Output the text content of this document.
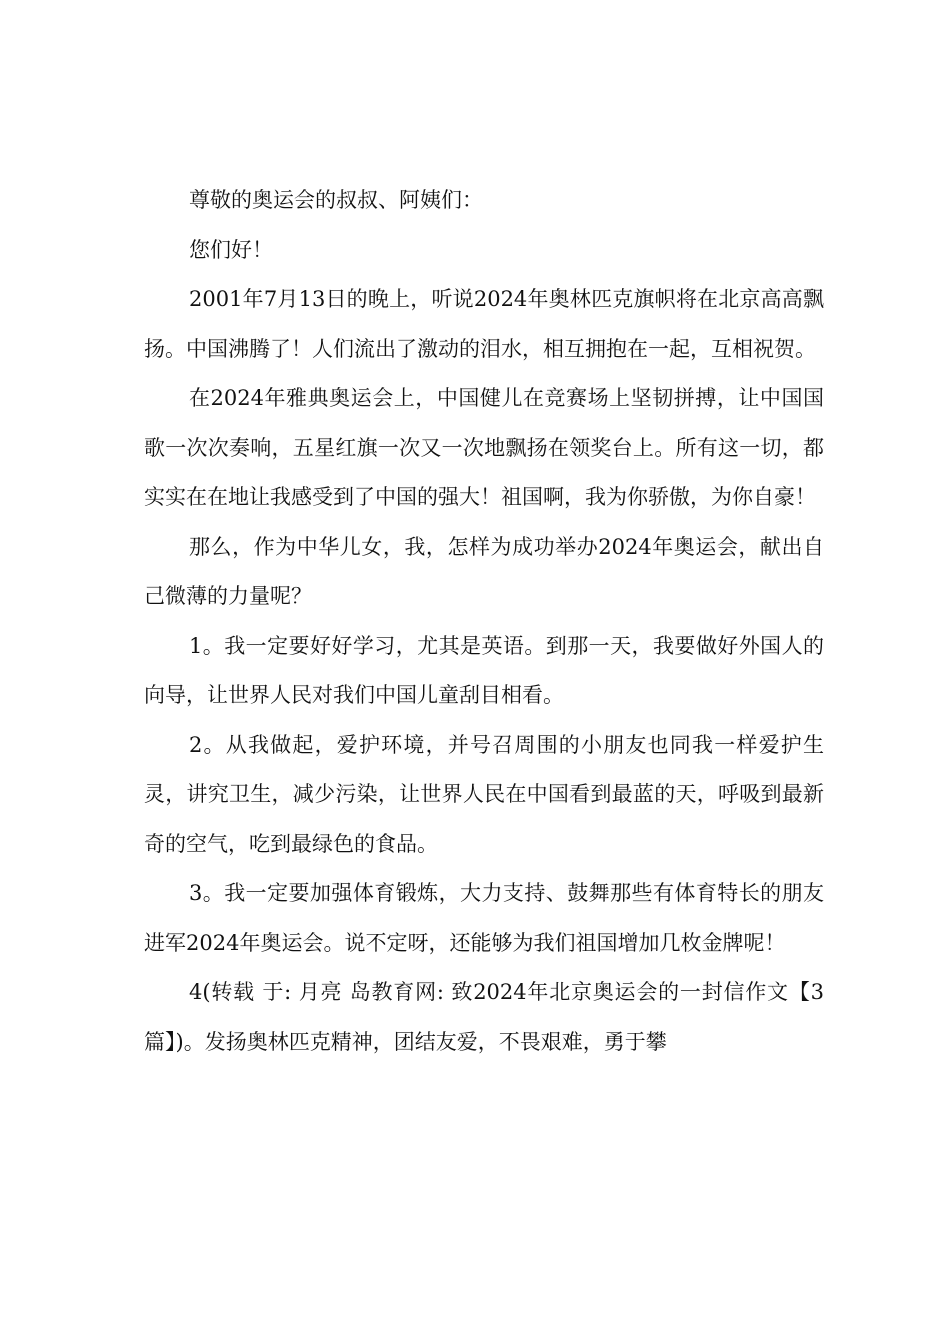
尊敬的奥运会的叔叔、阿姨们：

您们好！

2001年7月13日的晚上，听说2024年奥林匹克旗帜将在北京高高飘扬。中国沸腾了！人们流出了激动的泪水，相互拥抱在一起，互相祝贺。

在2024年雅典奥运会上，中国健儿在竞赛场上坚韧拼搏，让中国国歌一次次奏响，五星红旗一次又一次地飘扬在领奖台上。所有这一切，都实实在在地让我感受到了中国的强大！祖国啊，我为你骄傲，为你自豪！

那么，作为中华儿女，我，怎样为成功举办2024年奥运会，献出自己微薄的力量呢？

1。我一定要好好学习，尤其是英语。到那一天，我要做好外国人的向导，让世界人民对我们中国儿童刮目相看。

2。从我做起，爱护环境，并号召周围的小朋友也同我一样爱护生灵，讲究卫生，减少污染，让世界人民在中国看到最蓝的天，呼吸到最新奇的空气，吃到最绿色的食品。

3。我一定要加强体育锻炼，大力支持、鼓舞那些有体育特长的朋友进军2024年奥运会。说不定呀，还能够为我们祖国增加几枚金牌呢！

4(转载 于: 月亮 岛教育网: 致2024年北京奥运会的一封信作文【3篇】)。发扬奥林匹克精神，团结友爱，不畏艰难，勇于攀
